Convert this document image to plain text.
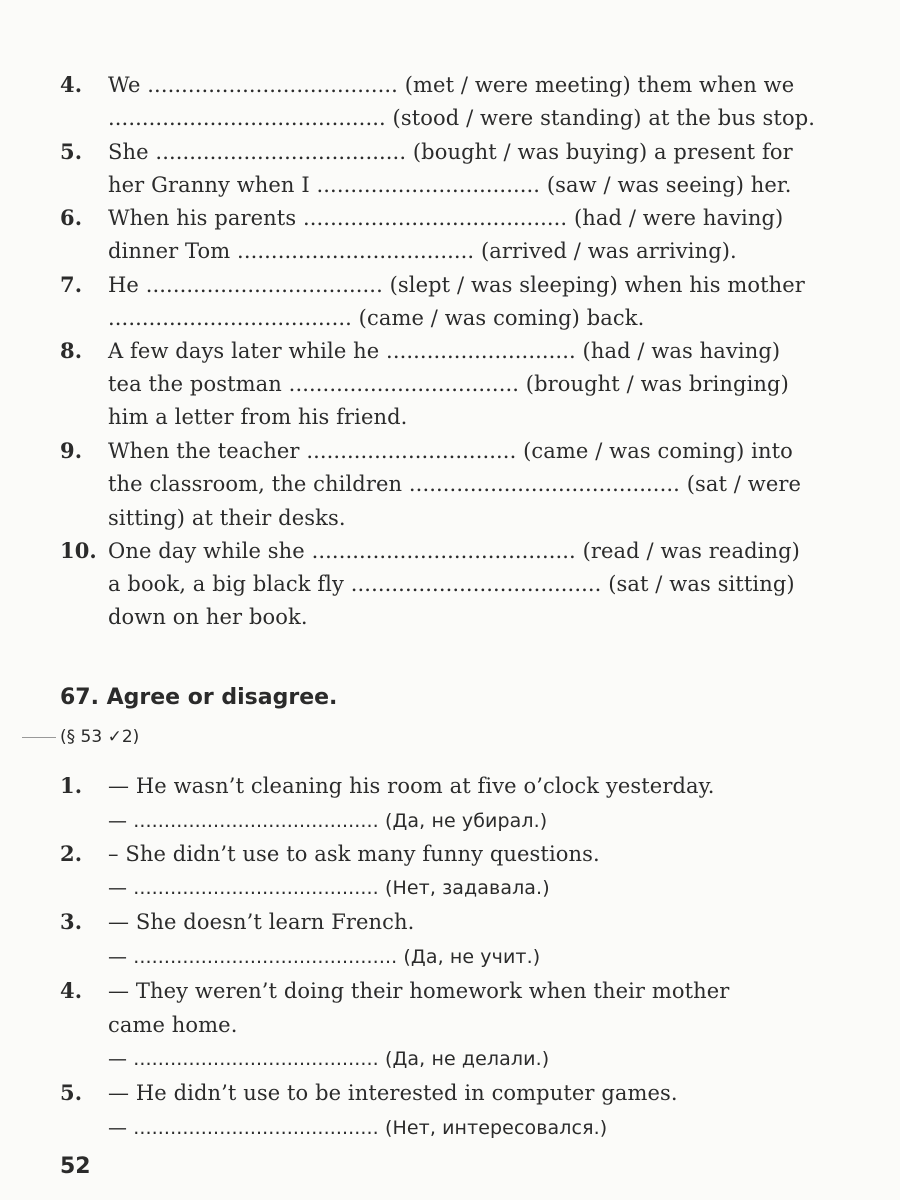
4. We ..................................... (met / were meeting) them when we
......................................... (stood / were standing) at the bus stop.
5. She ..................................... (bought / was buying) a present for
her Granny when I ................................. (saw / was seeing) her.
6. When his parents ....................................... (had / were having)
dinner Tom ................................... (arrived / was arriving).
7. He ................................... (slept / was sleeping) when his mother
.................................... (came / was coming) back.
8. A few days later while he ............................ (had / was having)
tea the postman .................................. (brought / was bringing)
him a letter from his friend.
9. When the teacher ............................... (came / was coming) into
the classroom, the children ........................................ (sat / were
sitting) at their desks.
10. One day while she ....................................... (read / was reading)
a book, a big black fly ..................................... (sat / was sitting)
down on her book.
67. Agree or disagree.
(§ 53 ✓2)
1. — He wasn’t cleaning his room at five o’clock yesterday.
— ........................................ (Да, не убирал.)
2. – She didn’t use to ask many funny questions.
— ........................................ (Нет, задавала.)
3. — She doesn’t learn French.
— ........................................... (Да, не учит.)
4. — They weren’t doing their homework when their mother
came home.
— ........................................ (Да, не делали.)
5. — He didn’t use to be interested in computer games.
— ........................................ (Нет, интересовался.)
52
